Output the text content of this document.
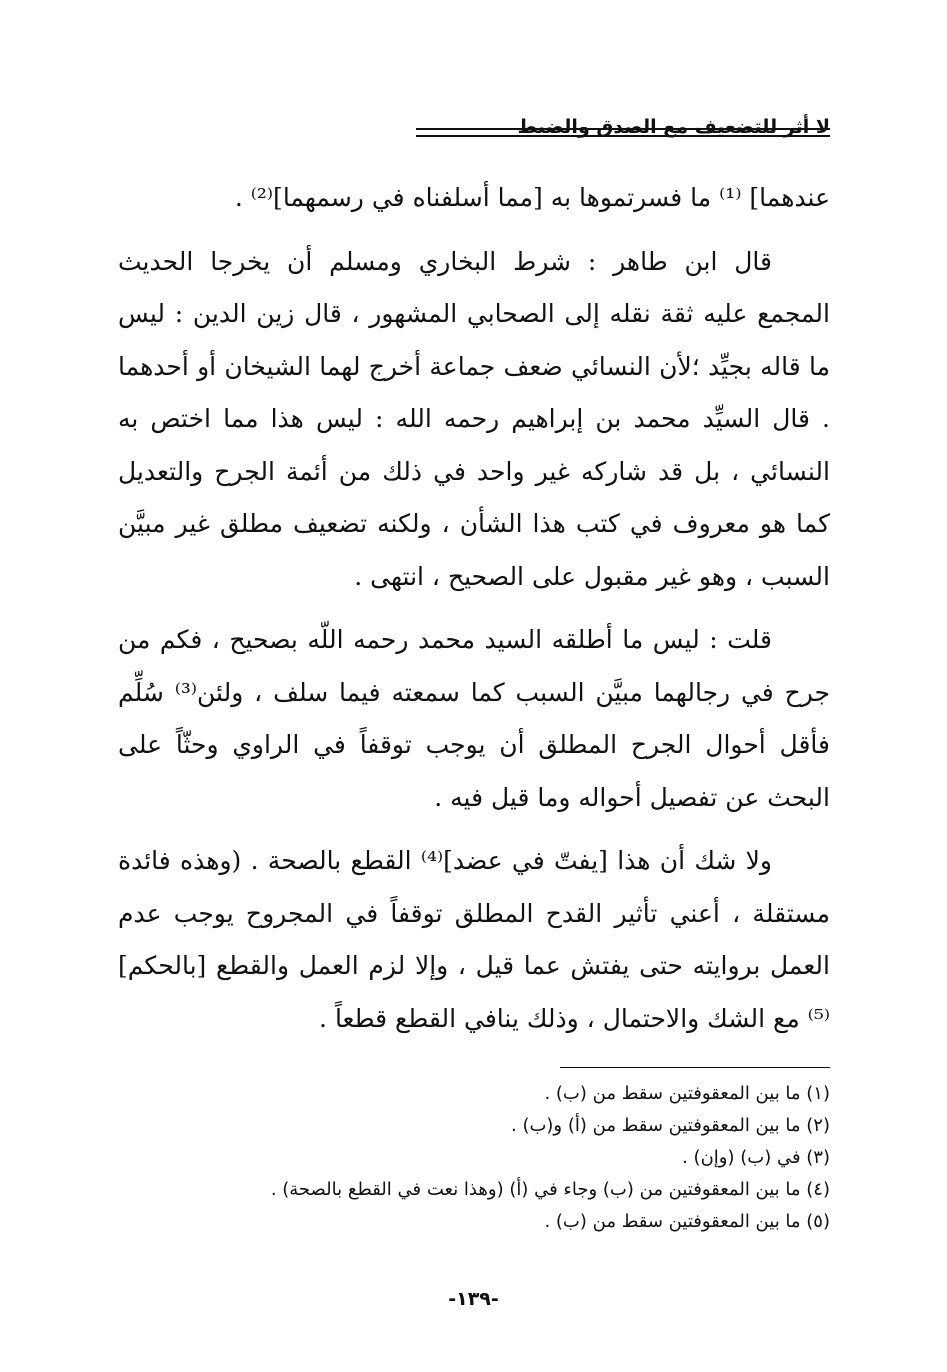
لا أثر للتضعيف مع الصدق والضبط

عندهما] ⁽¹⁾ ما فسرتموها به [مما أسلفناه في رسمهما]⁽²⁾ .

قال ابن طاهر : شرط البخاري ومسلم أن يخرجا الحديث المجمع عليه ثقة نقله إلى الصحابي المشهور ، قال زين الدين : ليس ما قاله بجيِّد ؛لأن النسائي ضعف جماعة أخرج لهما الشيخان أو أحدهما . قال السيِّد محمد بن إبراهيم رحمه الله : ليس هذا مما اختص به النسائي ، بل قد شاركه غير واحد في ذلك من أئمة الجرح والتعديل كما هو معروف في كتب هذا الشأن ، ولكنه تضعيف مطلق غير مبيَّن السبب ، وهو غير مقبول على الصحيح ، انتهى .

قلت : ليس ما أطلقه السيد محمد رحمه اللّه بصحيح ، فكم من جرح في رجالهما مبيَّن السبب كما سمعته فيما سلف ، ولئن⁽³⁾ سُلِّم فأقل أحوال الجرح المطلق أن يوجب توقفاً في الراوي وحثّاً على البحث عن تفصيل أحواله وما قيل فيه .

ولا شك أن هذا [يفتّ في عضد]⁽⁴⁾ القطع بالصحة . (وهذه فائدة مستقلة ، أعني تأثير القدح المطلق توقفاً في المجروح يوجب عدم العمل بروايته حتى يفتش عما قيل ، وإلا لزم العمل والقطع [بالحكم]⁽⁵⁾ مع الشك والاحتمال ، وذلك ينافي القطع قطعاً .

(١) ما بين المعقوفتين سقط من (ب) .

(٢) ما بين المعقوفتين سقط من (أ) و(ب) .

(٣) في (ب) (وإن) .

(٤) ما بين المعقوفتين من (ب) وجاء في (أ) (وهذا نعت في القطع بالصحة) .

(٥) ما بين المعقوفتين سقط من (ب) .

-١٣٩-
